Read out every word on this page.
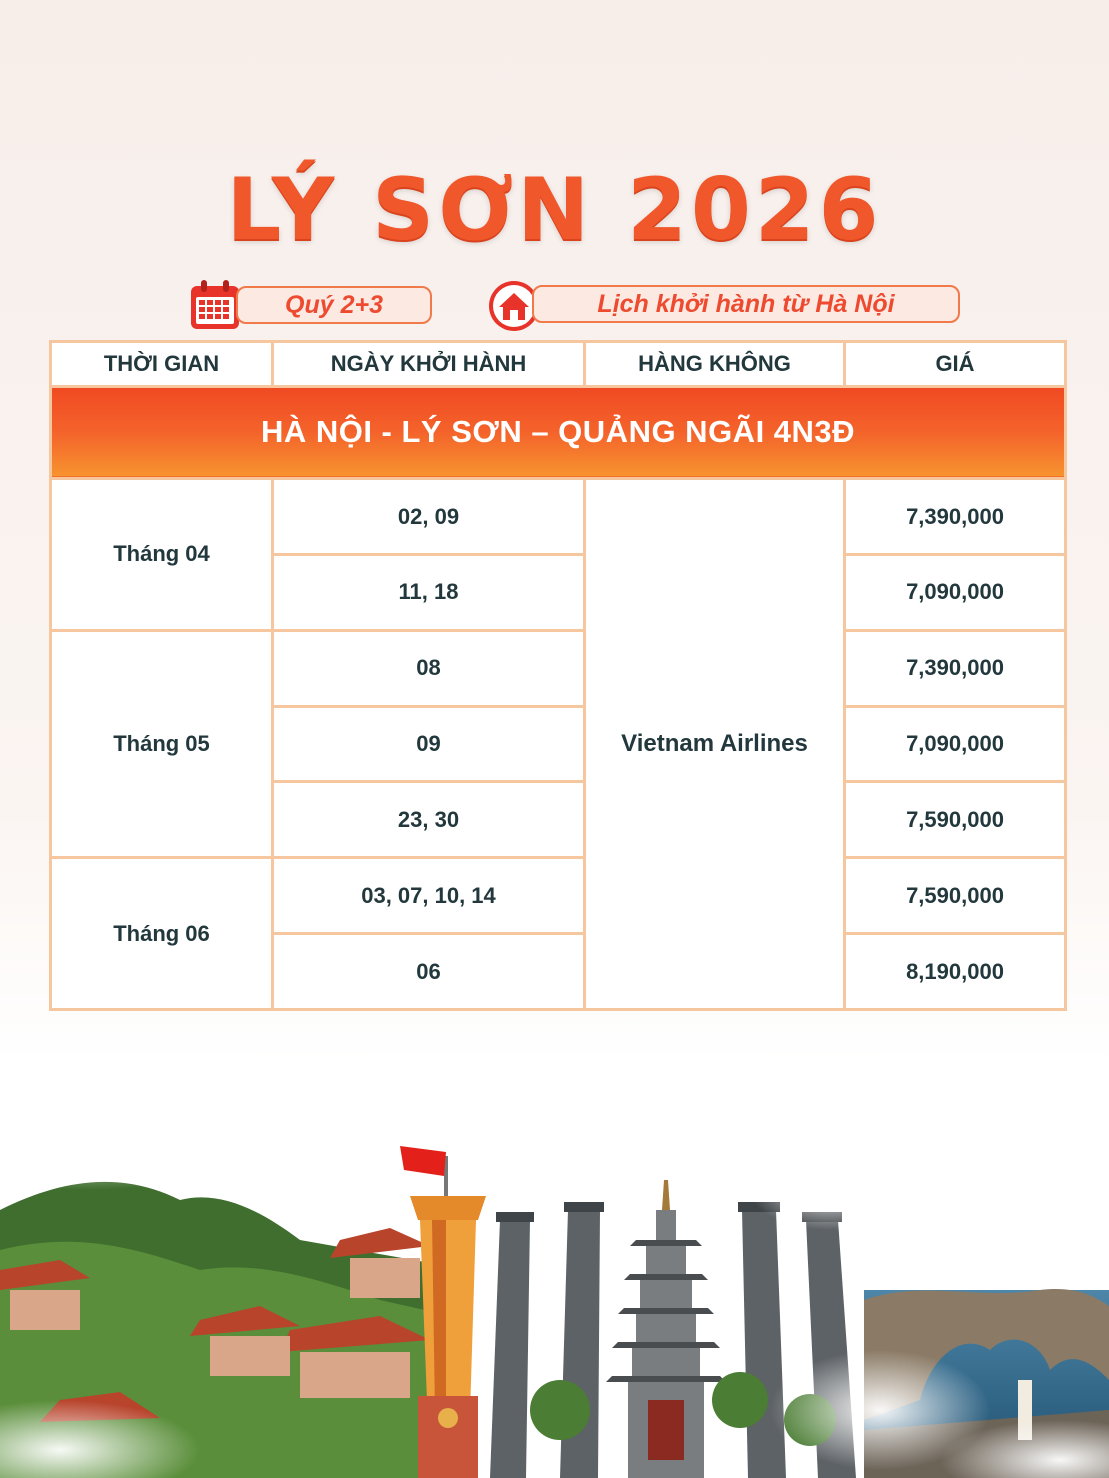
LÝ SƠN 2026
Quý 2+3	Lịch khởi hành từ Hà Nội
THỜI GIAN	NGÀY KHỞI HÀNH	HÀNG KHÔNG	GIÁ
HÀ NỘI - LÝ SƠN – QUẢNG NGÃI 4N3Đ			
Tháng 04	02, 09	Vietnam Airlines	7,390,000
	11, 18		7,090,000
Tháng 05	08		7,390,000
	09		7,090,000
	23, 30		7,590,000
Tháng 06	03, 07, 10, 14		7,590,000
	06		8,190,000
